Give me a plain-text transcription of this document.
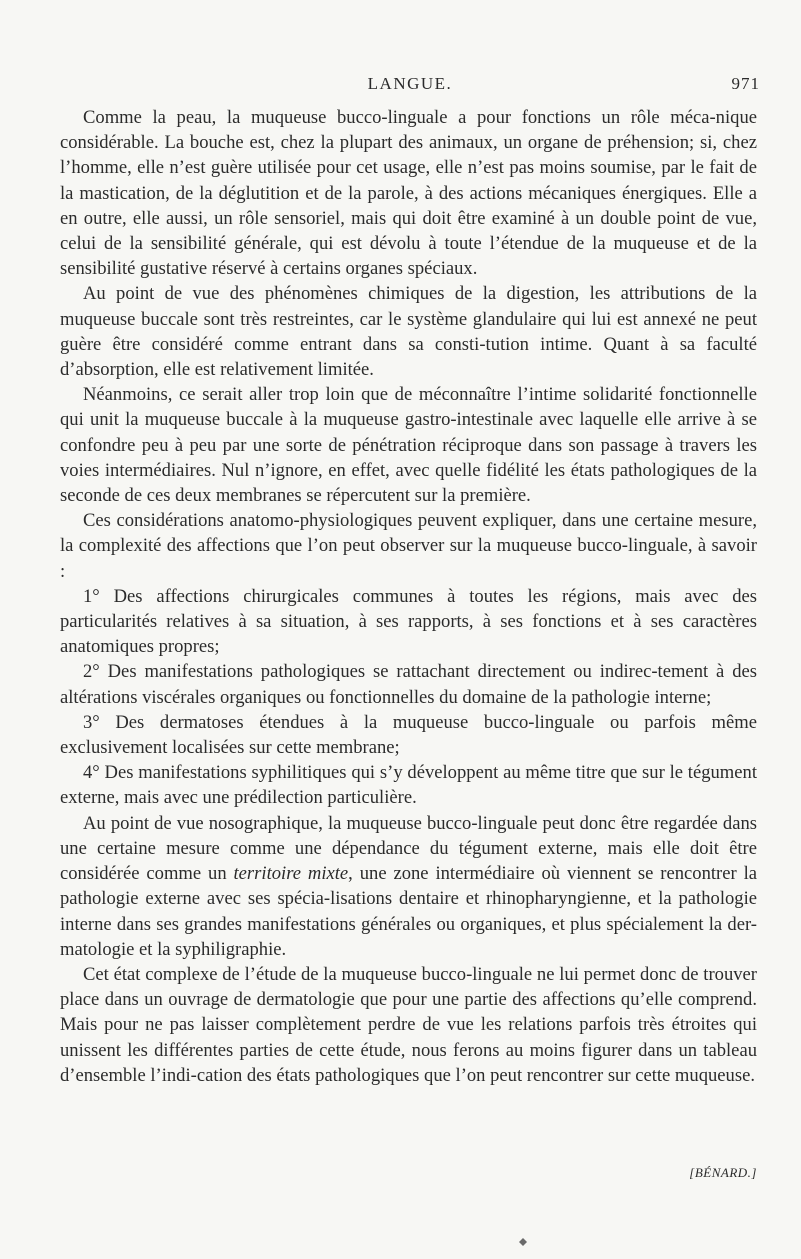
LANGUE.	971

Comme la peau, la muqueuse bucco-linguale a pour fonctions un rôle méca-nique considérable. La bouche est, chez la plupart des animaux, un organe de préhension; si, chez l’homme, elle n’est guère utilisée pour cet usage, elle n’est pas moins soumise, par le fait de la mastication, de la déglutition et de la parole, à des actions mécaniques énergiques. Elle a en outre, elle aussi, un rôle sensoriel, mais qui doit être examiné à un double point de vue, celui de la sensibilité générale, qui est dévolu à toute l’étendue de la muqueuse et de la sensibilité gustative réservé à certains organes spéciaux.

Au point de vue des phénomènes chimiques de la digestion, les attributions de la muqueuse buccale sont très restreintes, car le système glandulaire qui lui est annexé ne peut guère être considéré comme entrant dans sa consti-tution intime. Quant à sa faculté d’absorption, elle est relativement limitée.

Néanmoins, ce serait aller trop loin que de méconnaître l’intime solidarité fonctionnelle qui unit la muqueuse buccale à la muqueuse gastro-intestinale avec laquelle elle arrive à se confondre peu à peu par une sorte de pénétration réciproque dans son passage à travers les voies intermédiaires. Nul n’ignore, en effet, avec quelle fidélité les états pathologiques de la seconde de ces deux membranes se répercutent sur la première.

Ces considérations anatomo-physiologiques peuvent expliquer, dans une certaine mesure, la complexité des affections que l’on peut observer sur la muqueuse bucco-linguale, à savoir :

1° Des affections chirurgicales communes à toutes les régions, mais avec des particularités relatives à sa situation, à ses rapports, à ses fonctions et à ses caractères anatomiques propres;

2° Des manifestations pathologiques se rattachant directement ou indirec-tement à des altérations viscérales organiques ou fonctionnelles du domaine de la pathologie interne;

3° Des dermatoses étendues à la muqueuse bucco-linguale ou parfois même exclusivement localisées sur cette membrane;

4° Des manifestations syphilitiques qui s’y développent au même titre que sur le tégument externe, mais avec une prédilection particulière.

Au point de vue nosographique, la muqueuse bucco-linguale peut donc être regardée dans une certaine mesure comme une dépendance du tégument externe, mais elle doit être considérée comme un territoire mixte, une zone intermédiaire où viennent se rencontrer la pathologie externe avec ses spécia-lisations dentaire et rhinopharyngienne, et la pathologie interne dans ses grandes manifestations générales ou organiques, et plus spécialement la der-matologie et la syphiligraphie.

Cet état complexe de l’étude de la muqueuse bucco-linguale ne lui permet donc de trouver place dans un ouvrage de dermatologie que pour une partie des affections qu’elle comprend. Mais pour ne pas laisser complètement perdre de vue les relations parfois très étroites qui unissent les différentes parties de cette étude, nous ferons au moins figurer dans un tableau d’ensemble l’indi-cation des états pathologiques que l’on peut rencontrer sur cette muqueuse.

[BÉNARD.]
